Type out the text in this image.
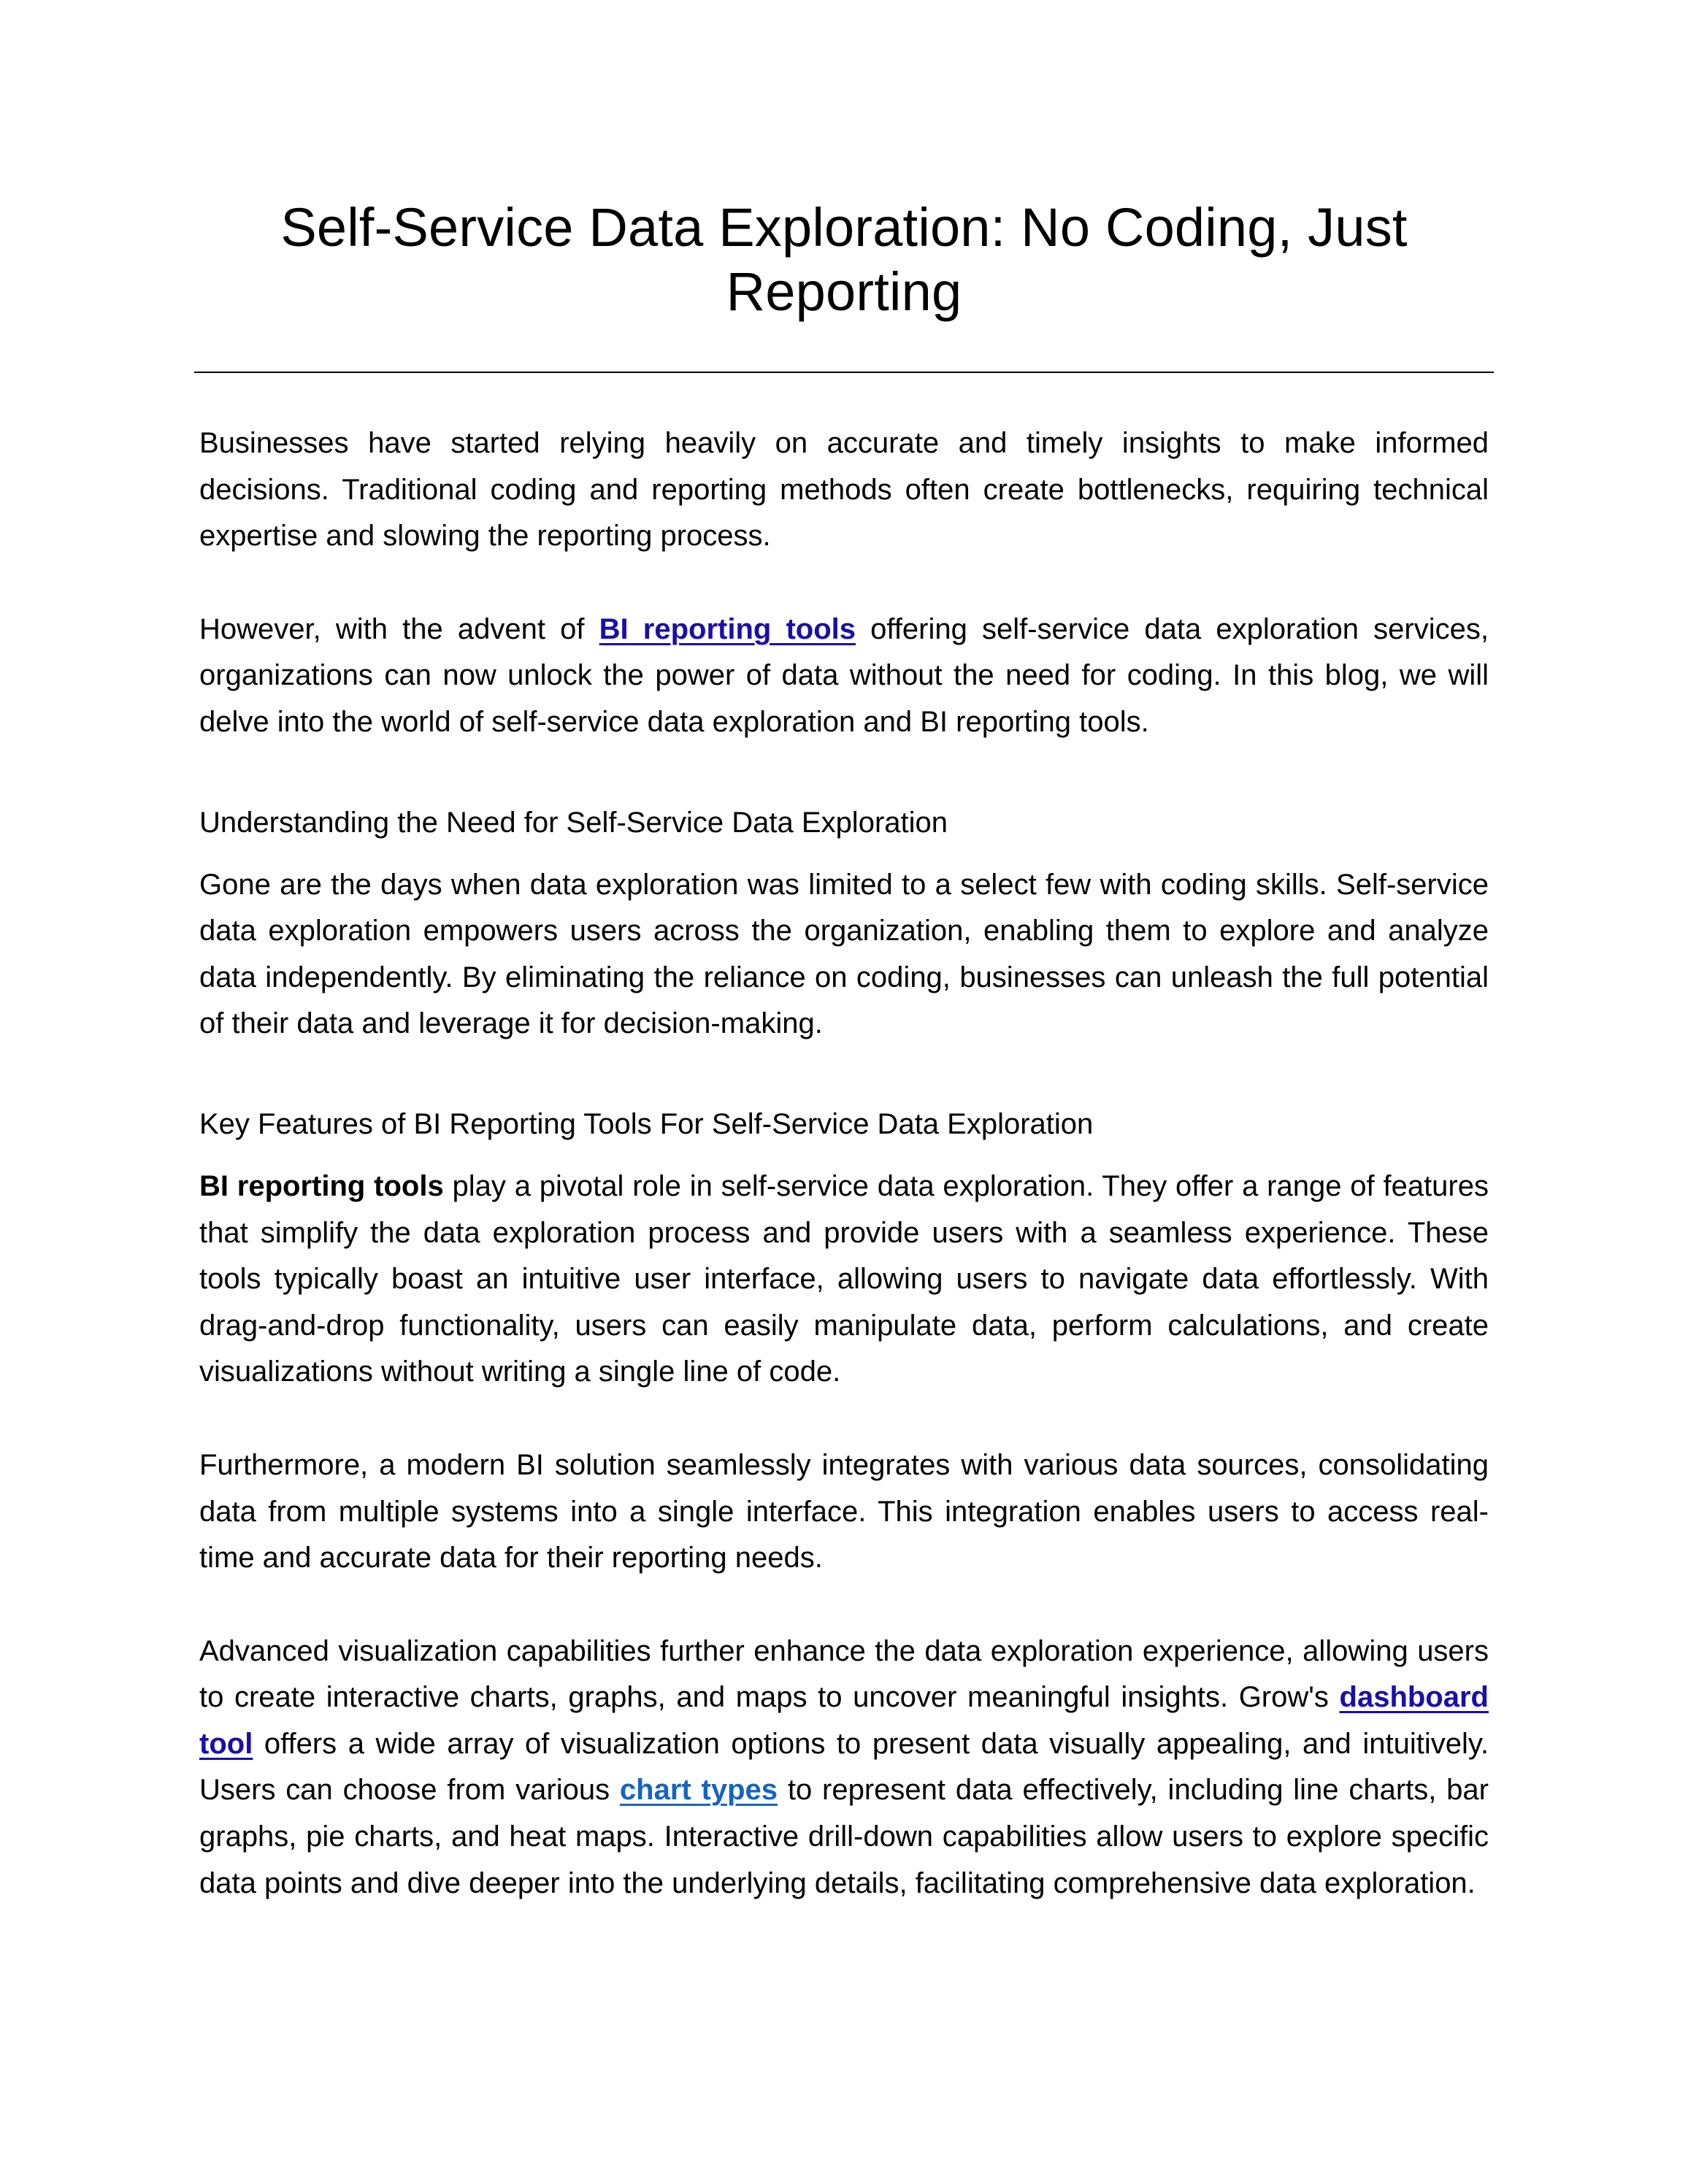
Self-Service Data Exploration: No Coding, Just Reporting

Businesses have started relying heavily on accurate and timely insights to make informed decisions. Traditional coding and reporting methods often create bottlenecks, requiring technical expertise and slowing the reporting process.

However, with the advent of BI reporting tools offering self-service data exploration services, organizations can now unlock the power of data without the need for coding. In this blog, we will delve into the world of self-service data exploration and BI reporting tools.

Understanding the Need for Self-Service Data Exploration

Gone are the days when data exploration was limited to a select few with coding skills. Self-service data exploration empowers users across the organization, enabling them to explore and analyze data independently. By eliminating the reliance on coding, businesses can unleash the full potential of their data and leverage it for decision-making.

Key Features of BI Reporting Tools For Self-Service Data Exploration

BI reporting tools play a pivotal role in self-service data exploration. They offer a range of features that simplify the data exploration process and provide users with a seamless experience. These tools typically boast an intuitive user interface, allowing users to navigate data effortlessly. With drag-and-drop functionality, users can easily manipulate data, perform calculations, and create visualizations without writing a single line of code.

Furthermore, a modern BI solution seamlessly integrates with various data sources, consolidating data from multiple systems into a single interface. This integration enables users to access real-time and accurate data for their reporting needs.

Advanced visualization capabilities further enhance the data exploration experience, allowing users to create interactive charts, graphs, and maps to uncover meaningful insights. Grow's dashboard tool offers a wide array of visualization options to present data visually appealing, and intuitively. Users can choose from various chart types to represent data effectively, including line charts, bar graphs, pie charts, and heat maps. Interactive drill-down capabilities allow users to explore specific data points and dive deeper into the underlying details, facilitating comprehensive data exploration.
